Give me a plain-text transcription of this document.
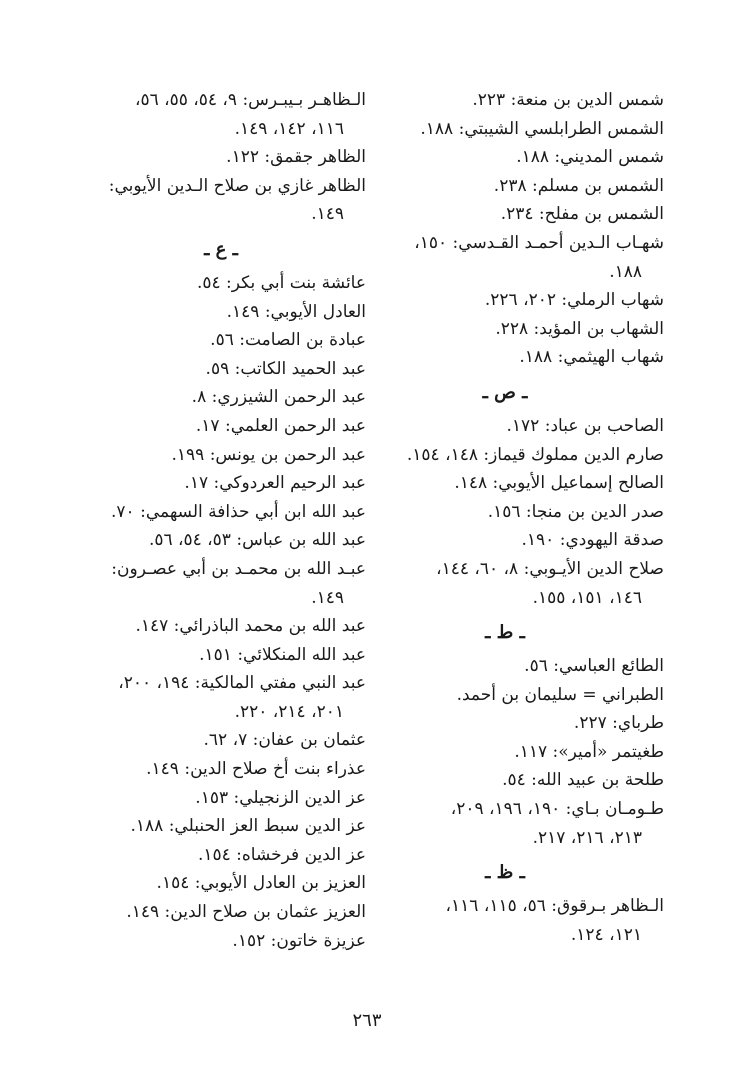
شمس الدين بن منعة: ٢٢٣.
الشمس الطرابلسي الشيبتي: ١٨٨.
شمس المديني: ١٨٨.
الشمس بن مسلم: ٢٣٨.
الشمس بن مفلح: ٢٣٤.
شهـاب الـدين أحمـد القـدسي: ١٥٠،
١٨٨.
شهاب الرملي: ٢٠٢، ٢٢٦.
الشهاب بن المؤيد: ٢٢٨.
شهاب الهيثمي: ١٨٨.
ـ ص ـ
الصاحب بن عباد: ١٧٢.
صارم الدين مملوك قيماز: ١٤٨، ١٥٤.
الصالح إسماعيل الأيوبي: ١٤٨.
صدر الدين بن منجا: ١٥٦.
صدقة اليهودي: ١٩٠.
صلاح الدين الأيـوبي: ٨، ٦٠، ١٤٤،
١٤٦، ١٥١، ١٥٥.
ـ ط ـ
الطائع العباسي: ٥٦.
الطبراني = سليمان بن أحمد.
طرباي: ٢٢٧.
طغيتمر «أمير»: ١١٧.
طلحة بن عبيد الله: ٥٤.
طـومـان بـاي: ١٩٠، ١٩٦، ٢٠٩،
٢١٣، ٢١٦، ٢١٧.
ـ ظ ـ
الـظاهر بـرقوق: ٥٦، ١١٥، ١١٦،
١٢١، ١٢٤.
الـظاهـر بـيبـرس: ٩، ٥٤، ٥٥، ٥٦،
١١٦، ١٤٢، ١٤٩.
الظاهر جقمق: ١٢٢.
الظاهر غازي بن صلاح الـدين الأيوبي:
١٤٩.
ـ ع ـ
عائشة بنت أبي بكر: ٥٤.
العادل الأيوبي: ١٤٩.
عبادة بن الصامت: ٥٦.
عبد الحميد الكاتب: ٥٩.
عبد الرحمن الشيزري: ٨.
عبد الرحمن العلمي: ١٧.
عبد الرحمن بن يونس: ١٩٩.
عبد الرحيم العردوكي: ١٧.
عبد الله ابن أبي حذافة السهمي: ٧٠.
عبد الله بن عباس: ٥٣، ٥٤، ٥٦.
عبـد الله بن محمـد بن أبي عصـرون:
١٤٩.
عبد الله بن محمد الباذرائي: ١٤٧.
عبد الله المنكلائي: ١٥١.
عبد النبي مفتي المالكية: ١٩٤، ٢٠٠،
٢٠١، ٢١٤، ٢٢٠.
عثمان بن عفان: ٧، ٦٢.
عذراء بنت أخ صلاح الدين: ١٤٩.
عز الدين الزنجيلي: ١٥٣.
عز الدين سبط العز الحنبلي: ١٨٨.
عز الدين فرخشاه: ١٥٤.
العزيز بن العادل الأيوبي: ١٥٤.
العزيز عثمان بن صلاح الدين: ١٤٩.
عزيزة خاتون: ١٥٢.
٢٦٣
